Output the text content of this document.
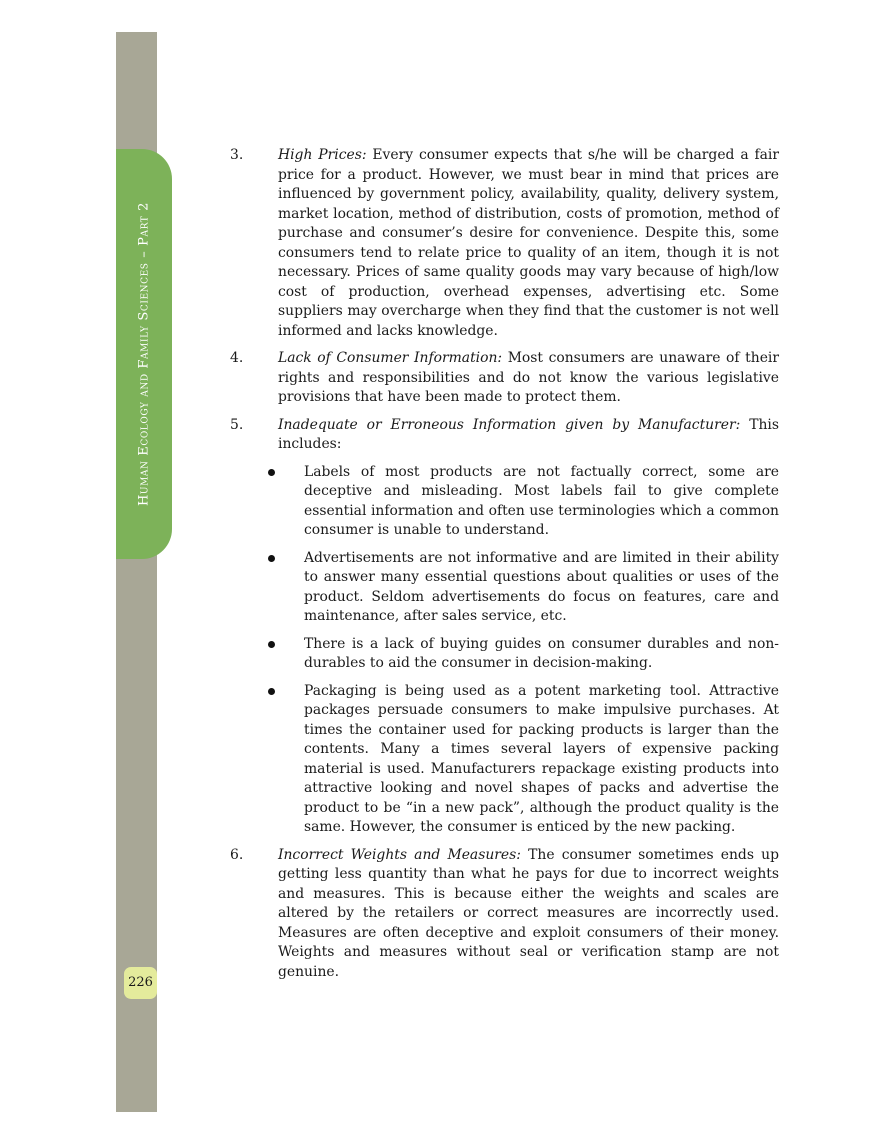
Human Ecology and Family Sciences – Part 2
226
3. High Prices: Every consumer expects that s/he will be charged a fair price for a product. However, we must bear in mind that prices are influenced by government policy, availability, quality, delivery system, market location, method of distribution, costs of promotion, method of purchase and consumer’s desire for convenience. Despite this, some consumers tend to relate price to quality of an item, though it is not necessary. Prices of same quality goods may vary because of high/low cost of production, overhead expenses, advertising etc. Some suppliers may overcharge when they find that the customer is not well informed and lacks knowledge.
4. Lack of Consumer Information: Most consumers are unaware of their rights and responsibilities and do not know the various legislative provisions that have been made to protect them.
5. Inadequate or Erroneous Information given by Manufacturer: This includes:
Labels of most products are not factually correct, some are deceptive and misleading. Most labels fail to give complete essential information and often use terminologies which a common consumer is unable to understand.
Advertisements are not informative and are limited in their ability to answer many essential questions about qualities or uses of the product. Seldom advertisements do focus on features, care and maintenance, after sales service, etc.
There is a lack of buying guides on consumer durables and non-durables to aid the consumer in decision-making.
Packaging is being used as a potent marketing tool. Attractive packages persuade consumers to make impulsive purchases. At times the container used for packing products is larger than the contents. Many a times several layers of expensive packing material is used. Manufacturers repackage existing products into attractive looking and novel shapes of packs and advertise the product to be “in a new pack”, although the product quality is the same. However, the consumer is enticed by the new packing.
6. Incorrect Weights and Measures: The consumer sometimes ends up getting less quantity than what he pays for due to incorrect weights and measures. This is because either the weights and scales are altered by the retailers or correct measures are incorrectly used. Measures are often deceptive and exploit consumers of their money. Weights and measures without seal or verification stamp are not genuine.
